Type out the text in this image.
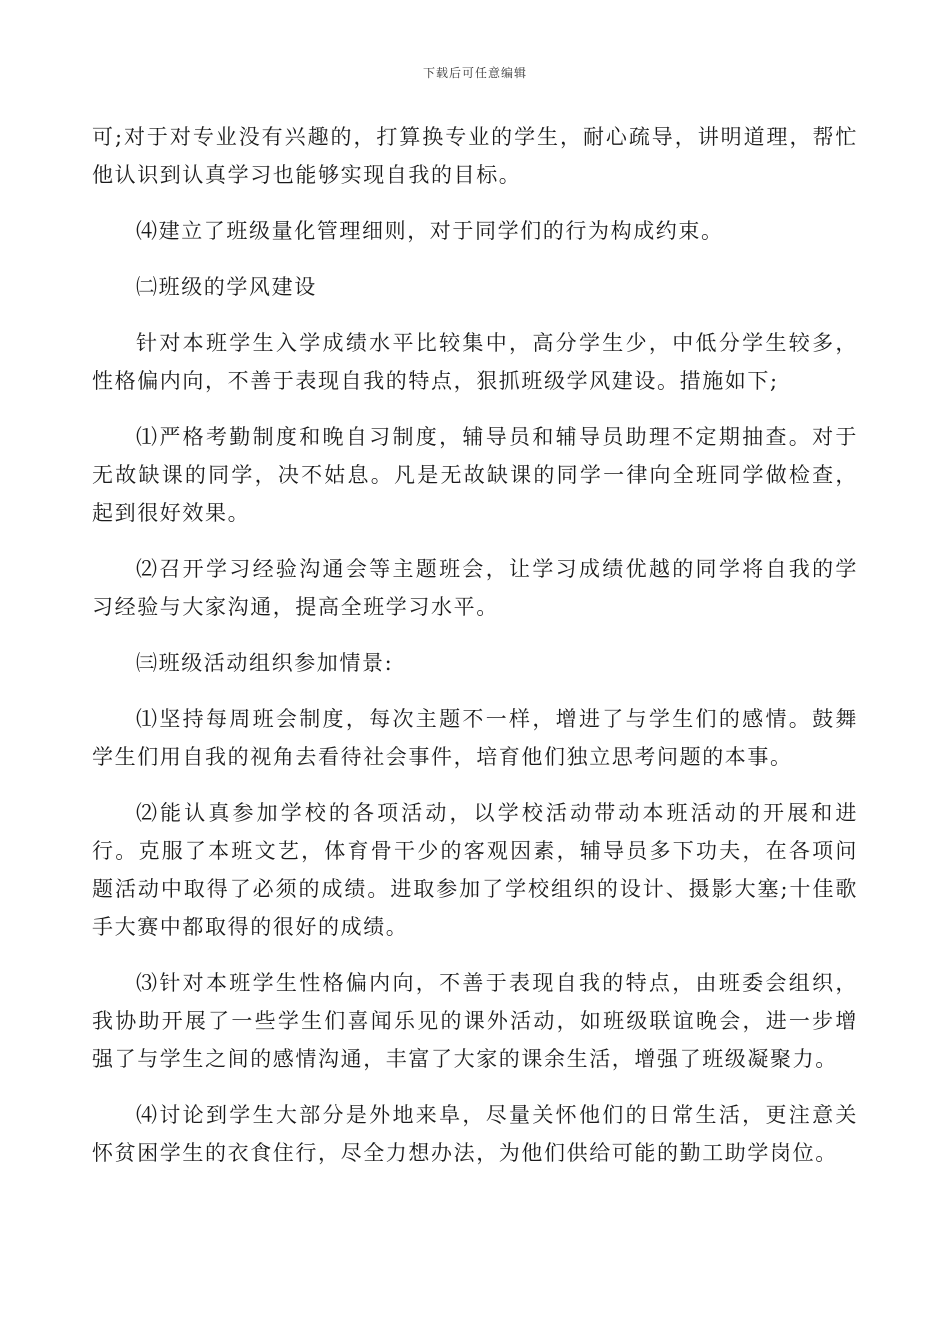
下载后可任意编辑

可;对于对专业没有兴趣的，打算换专业的学生，耐心疏导，讲明道理，帮忙他认识到认真学习也能够实现自我的目标。

⑷建立了班级量化管理细则，对于同学们的行为构成约束。

㈡班级的学风建设

针对本班学生入学成绩水平比较集中，高分学生少，中低分学生较多，性格偏内向，不善于表现自我的特点，狠抓班级学风建设。措施如下;

⑴严格考勤制度和晚自习制度，辅导员和辅导员助理不定期抽查。对于无故缺课的同学，决不姑息。凡是无故缺课的同学一律向全班同学做检查，起到很好效果。

⑵召开学习经验沟通会等主题班会，让学习成绩优越的同学将自我的学习经验与大家沟通，提高全班学习水平。

㈢班级活动组织参加情景:

⑴坚持每周班会制度，每次主题不一样，增进了与学生们的感情。鼓舞学生们用自我的视角去看待社会事件，培育他们独立思考问题的本事。

⑵能认真参加学校的各项活动，以学校活动带动本班活动的开展和进行。克服了本班文艺，体育骨干少的客观因素，辅导员多下功夫，在各项问题活动中取得了必须的成绩。进取参加了学校组织的设计、摄影大塞;十佳歌手大赛中都取得的很好的成绩。

⑶针对本班学生性格偏内向，不善于表现自我的特点，由班委会组织，我协助开展了一些学生们喜闻乐见的课外活动，如班级联谊晚会，进一步增强了与学生之间的感情沟通，丰富了大家的课余生活，增强了班级凝聚力。

⑷讨论到学生大部分是外地来阜，尽量关怀他们的日常生活，更注意关怀贫困学生的衣食住行，尽全力想办法，为他们供给可能的勤工助学岗位。
